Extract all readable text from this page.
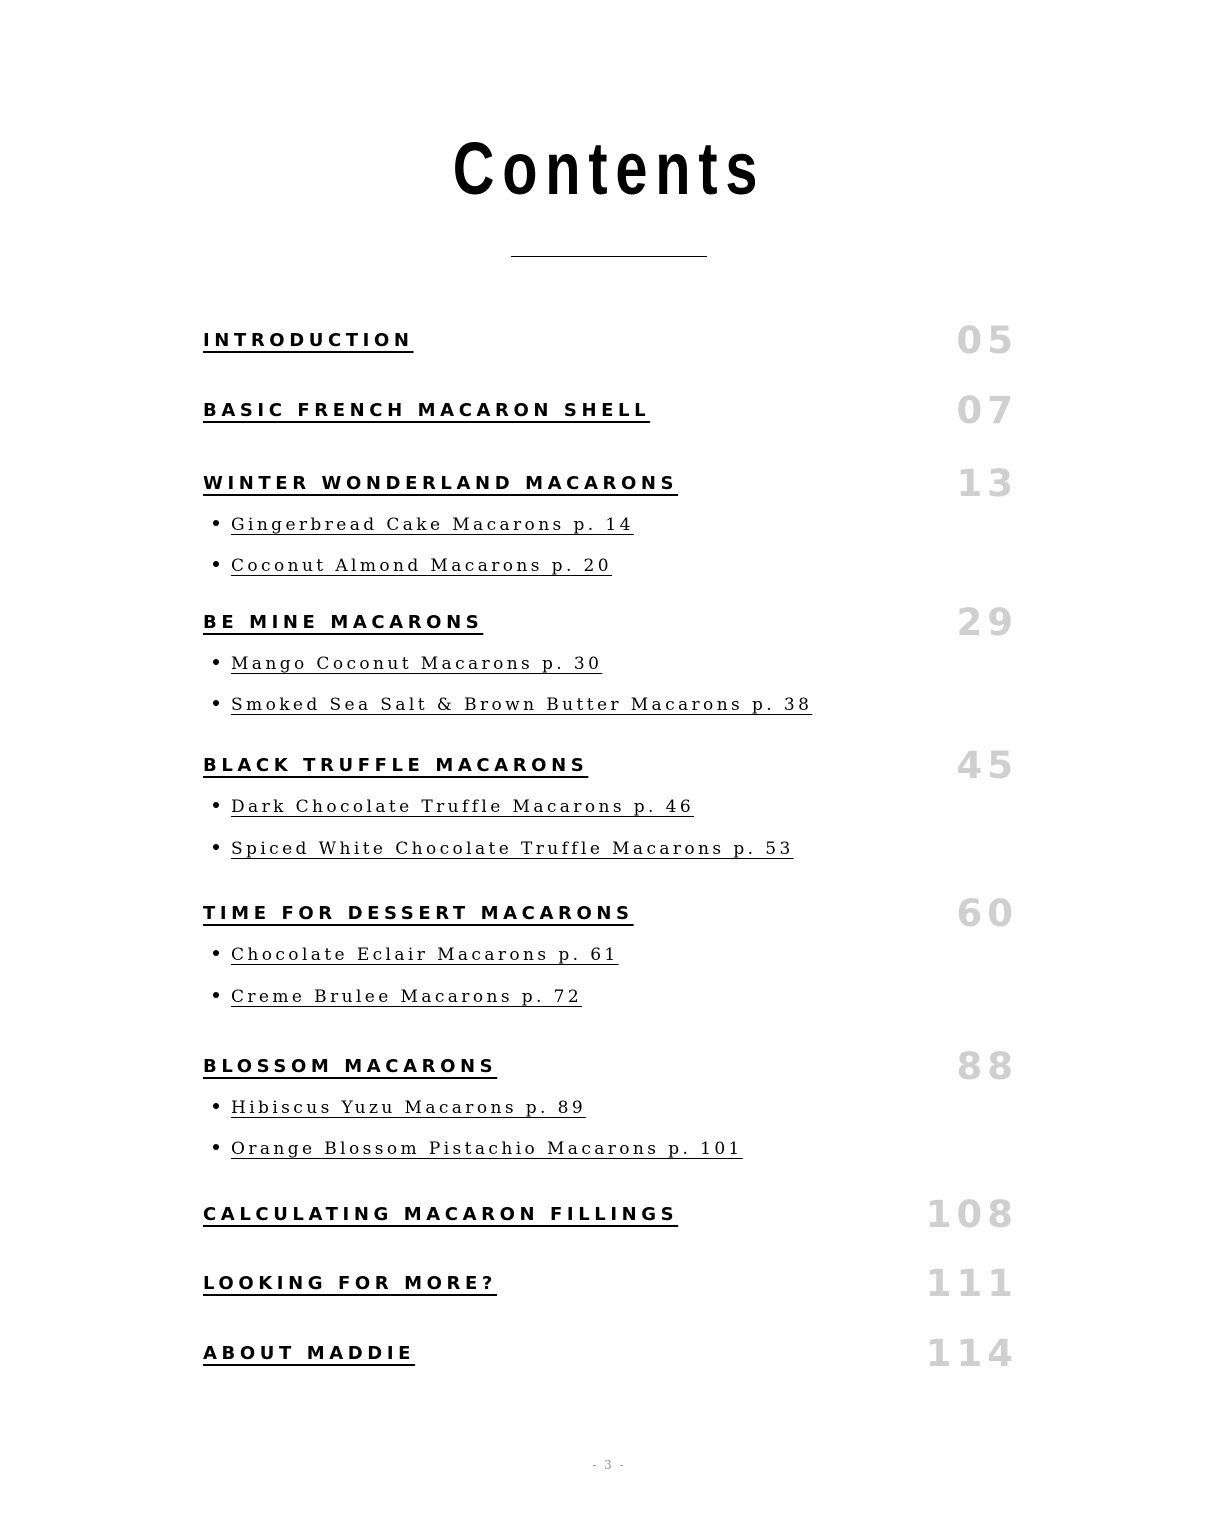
Contents
INTRODUCTION	05
BASIC FRENCH MACARON SHELL	07
WINTER WONDERLAND MACARONS	13
Gingerbread Cake Macarons p. 14
Coconut Almond Macarons p. 20
BE MINE MACARONS	29
Mango Coconut Macarons p. 30
Smoked Sea Salt & Brown Butter Macarons p. 38
BLACK TRUFFLE MACARONS	45
Dark Chocolate Truffle Macarons p. 46
Spiced White Chocolate Truffle Macarons p. 53
TIME FOR DESSERT MACARONS	60
Chocolate Eclair Macarons p. 61
Creme Brulee Macarons p. 72
BLOSSOM MACARONS	88
Hibiscus Yuzu Macarons p. 89
Orange Blossom Pistachio Macarons p. 101
CALCULATING MACARON FILLINGS	108
LOOKING FOR MORE?	111
ABOUT MADDIE	114
- 3 -
